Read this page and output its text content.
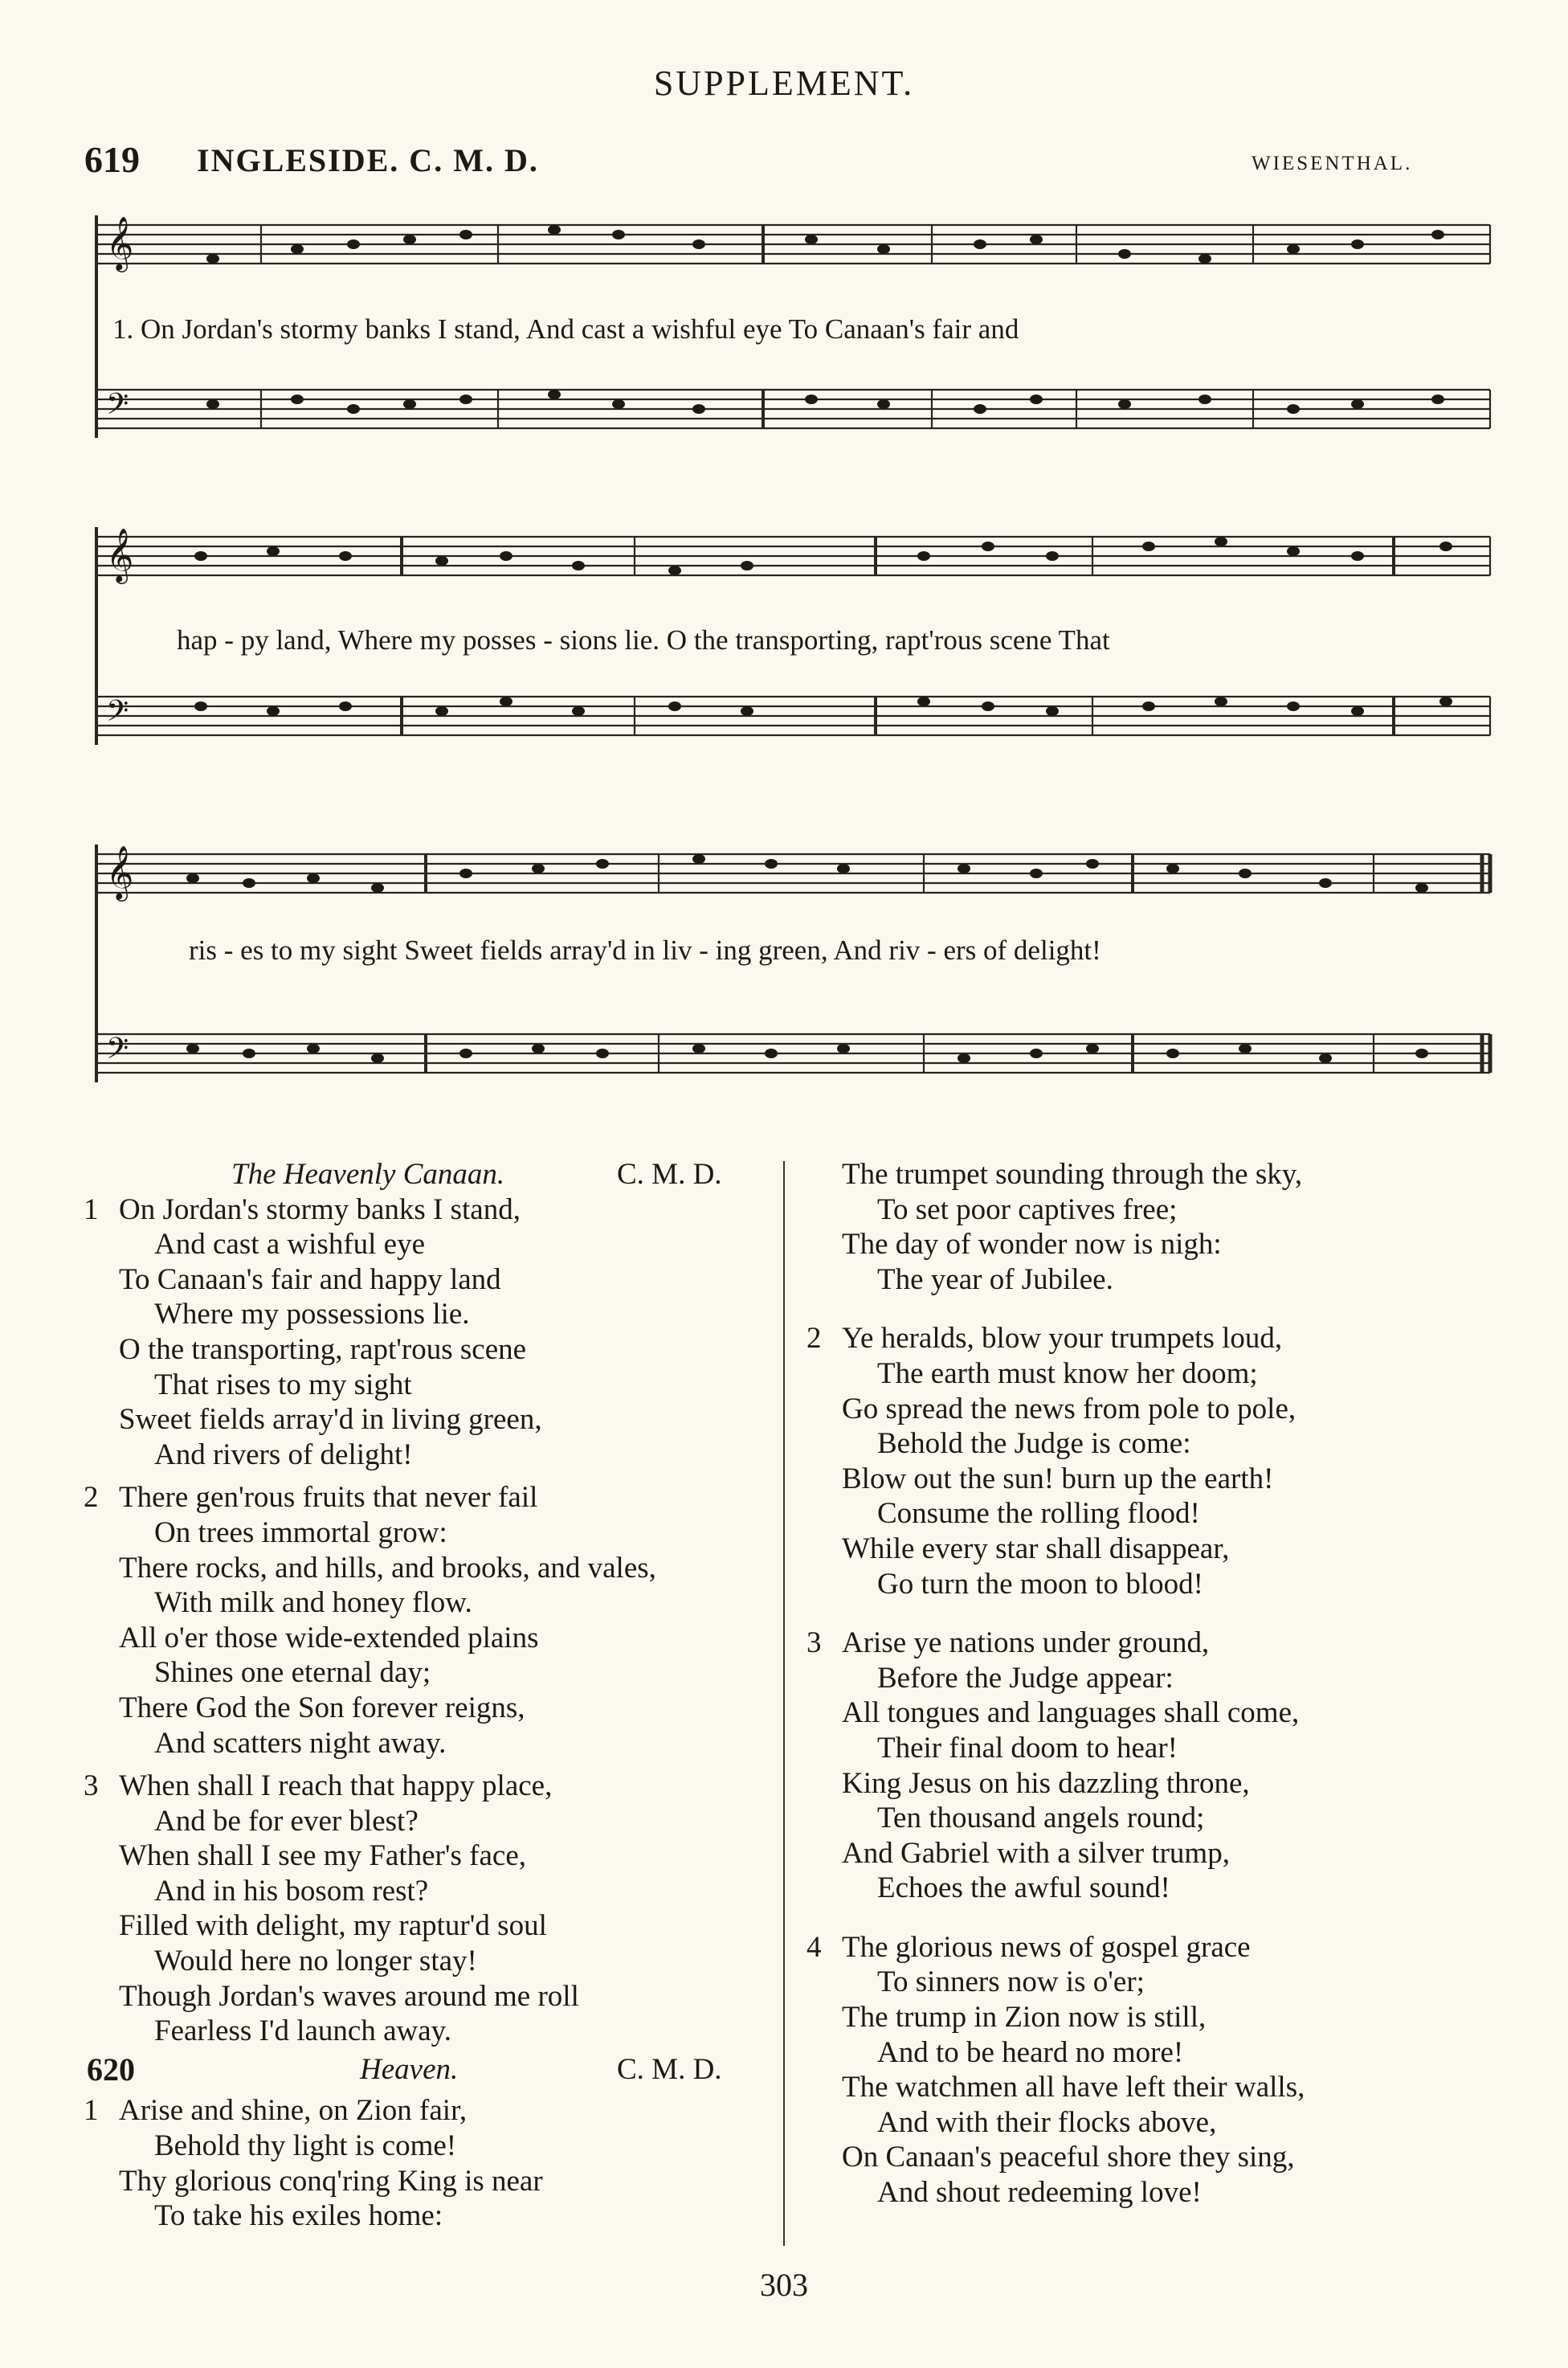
SUPPLEMENT.
619 INGLESIDE. C. M. D.	WIESENTHAL.
𝄞
𝄢
1. On Jordan's stormy banks I stand, And cast a wishful eye To Canaan's fair and
𝄞
𝄢
hap - py land, Where my posses - sions lie. O the transporting, rapt'rous scene That
𝄞
𝄢
ris - es to my sight Sweet fields array'd in liv - ing green, And riv - ers of delight!
The Heavenly Canaan.	C. M. D.
1 On Jordan's stormy banks I stand,
And cast a wishful eye
To Canaan's fair and happy land
Where my possessions lie.
O the transporting, rapt'rous scene
That rises to my sight
Sweet fields array'd in living green,
And rivers of delight!
2 There gen'rous fruits that never fail
On trees immortal grow:
There rocks, and hills, and brooks, and vales,
With milk and honey flow.
All o'er those wide-extended plains
Shines one eternal day;
There God the Son forever reigns,
And scatters night away.
3 When shall I reach that happy place,
And be for ever blest?
When shall I see my Father's face,
And in his bosom rest?
Filled with delight, my raptur'd soul
Would here no longer stay!
Though Jordan's waves around me roll
Fearless I'd launch away.
620	Heaven.	C. M. D.
1 Arise and shine, on Zion fair,
Behold thy light is come!
Thy glorious conq'ring King is near
To take his exiles home:
The trumpet sounding through the sky,
To set poor captives free;
The day of wonder now is nigh:
The year of Jubilee.
2 Ye heralds, blow your trumpets loud,
The earth must know her doom;
Go spread the news from pole to pole,
Behold the Judge is come:
Blow out the sun! burn up the earth!
Consume the rolling flood!
While every star shall disappear,
Go turn the moon to blood!
3 Arise ye nations under ground,
Before the Judge appear:
All tongues and languages shall come,
Their final doom to hear!
King Jesus on his dazzling throne,
Ten thousand angels round;
And Gabriel with a silver trump,
Echoes the awful sound!
4 The glorious news of gospel grace
To sinners now is o'er;
The trump in Zion now is still,
And to be heard no more!
The watchmen all have left their walls,
And with their flocks above,
On Canaan's peaceful shore they sing,
And shout redeeming love!
303
